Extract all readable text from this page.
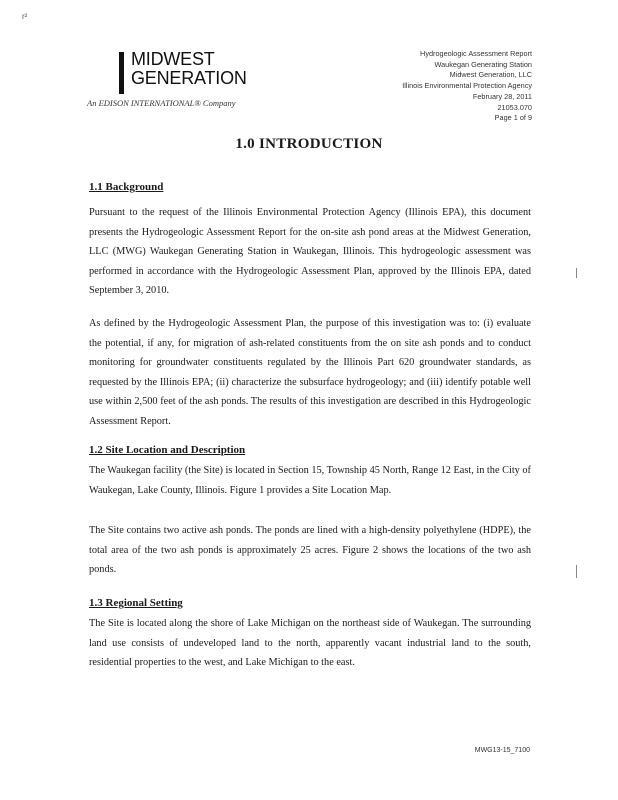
r²
MIDWEST
GENERATION
An EDISON INTERNATIONAL® Company
Hydrogeologic Assessment Report
Waukegan Generating Station
Midwest Generation, LLC
Illinois Environmental Protection Agency
February 28, 2011
21053.070
Page 1 of 9
1.0 INTRODUCTION

1.1 Background

Pursuant to the request of the Illinois Environmental Protection Agency (Illinois EPA), this document presents the Hydrogeologic Assessment Report for the on-site ash pond areas at the Midwest Generation, LLC (MWG) Waukegan Generating Station in Waukegan, Illinois. This hydrogeologic assessment was performed in accordance with the Hydrogeologic Assessment Plan, approved by the Illinois EPA, dated September 3, 2010.

As defined by the Hydrogeologic Assessment Plan, the purpose of this investigation was to: (i) evaluate the potential, if any, for migration of ash-related constituents from the on site ash ponds and to conduct monitoring for groundwater constituents regulated by the Illinois Part 620 groundwater standards, as requested by the Illinois EPA; (ii) characterize the subsurface hydrogeology; and (iii) identify potable well use within 2,500 feet of the ash ponds. The results of this investigation are described in this Hydrogeologic Assessment Report.

1.2 Site Location and Description

The Waukegan facility (the Site) is located in Section 15, Township 45 North, Range 12 East, in the City of Waukegan, Lake County, Illinois. Figure 1 provides a Site Location Map.

The Site contains two active ash ponds. The ponds are lined with a high-density polyethylene (HDPE), the total area of the two ash ponds is approximately 25 acres. Figure 2 shows the locations of the two ash ponds.

1.3 Regional Setting

The Site is located along the shore of Lake Michigan on the northeast side of Waukegan. The surrounding land use consists of undeveloped land to the north, apparently vacant industrial land to the south, residential properties to the west, and Lake Michigan to the east.

MWG13-15_7100
